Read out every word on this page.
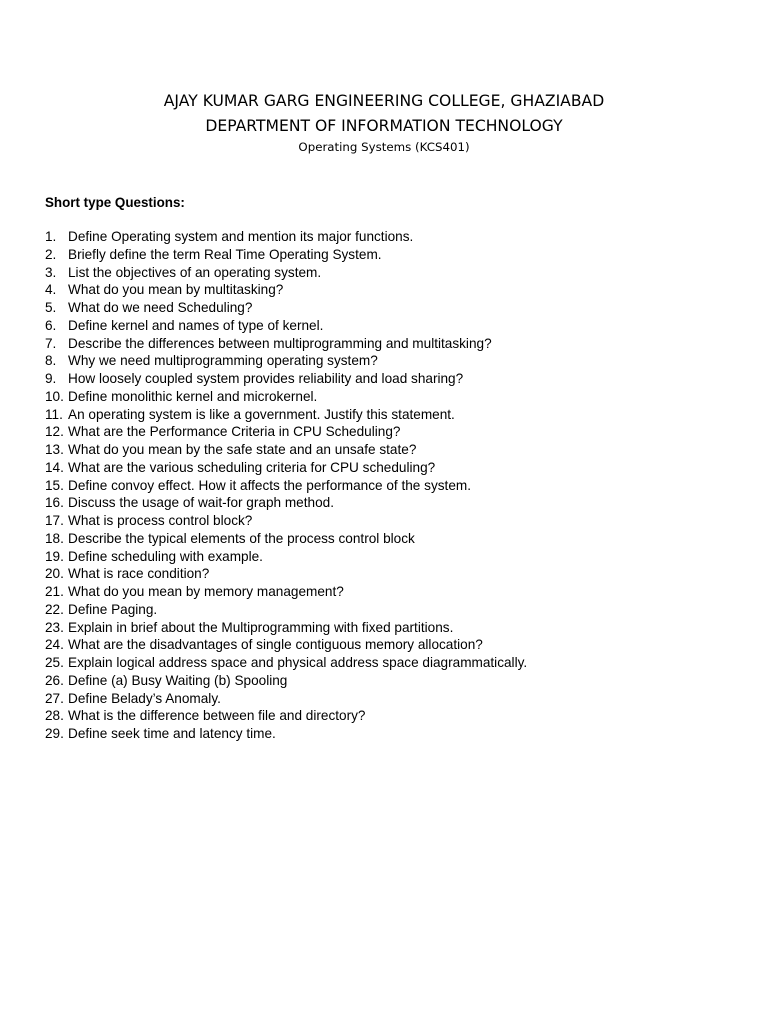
AJAY KUMAR GARG ENGINEERING COLLEGE, GHAZIABAD
DEPARTMENT OF INFORMATION TECHNOLOGY
Operating Systems (KCS401)
Short type Questions:
1. Define Operating system and mention its major functions.
2. Briefly define the term Real Time Operating System.
3. List the objectives of an operating system.
4. What do you mean by multitasking?
5. What do we need Scheduling?
6. Define kernel and names of type of kernel.
7. Describe the differences between multiprogramming and multitasking?
8. Why we need multiprogramming operating system?
9. How loosely coupled system provides reliability and load sharing?
10. Define monolithic kernel and microkernel.
11. An operating system is like a government. Justify this statement.
12. What are the Performance Criteria in CPU Scheduling?
13. What do you mean by the safe state and an unsafe state?
14. What are the various scheduling criteria for CPU scheduling?
15. Define convoy effect. How it affects the performance of the system.
16. Discuss the usage of wait-for graph method.
17. What is process control block?
18. Describe the typical elements of the process control block
19. Define scheduling with example.
20. What is race condition?
21. What do you mean by memory management?
22. Define Paging.
23. Explain in brief about the Multiprogramming with fixed partitions.
24. What are the disadvantages of single contiguous memory allocation?
25. Explain logical address space and physical address space diagrammatically.
26. Define (a) Busy Waiting (b) Spooling
27. Define Belady’s Anomaly.
28. What is the difference between file and directory?
29. Define seek time and latency time.
